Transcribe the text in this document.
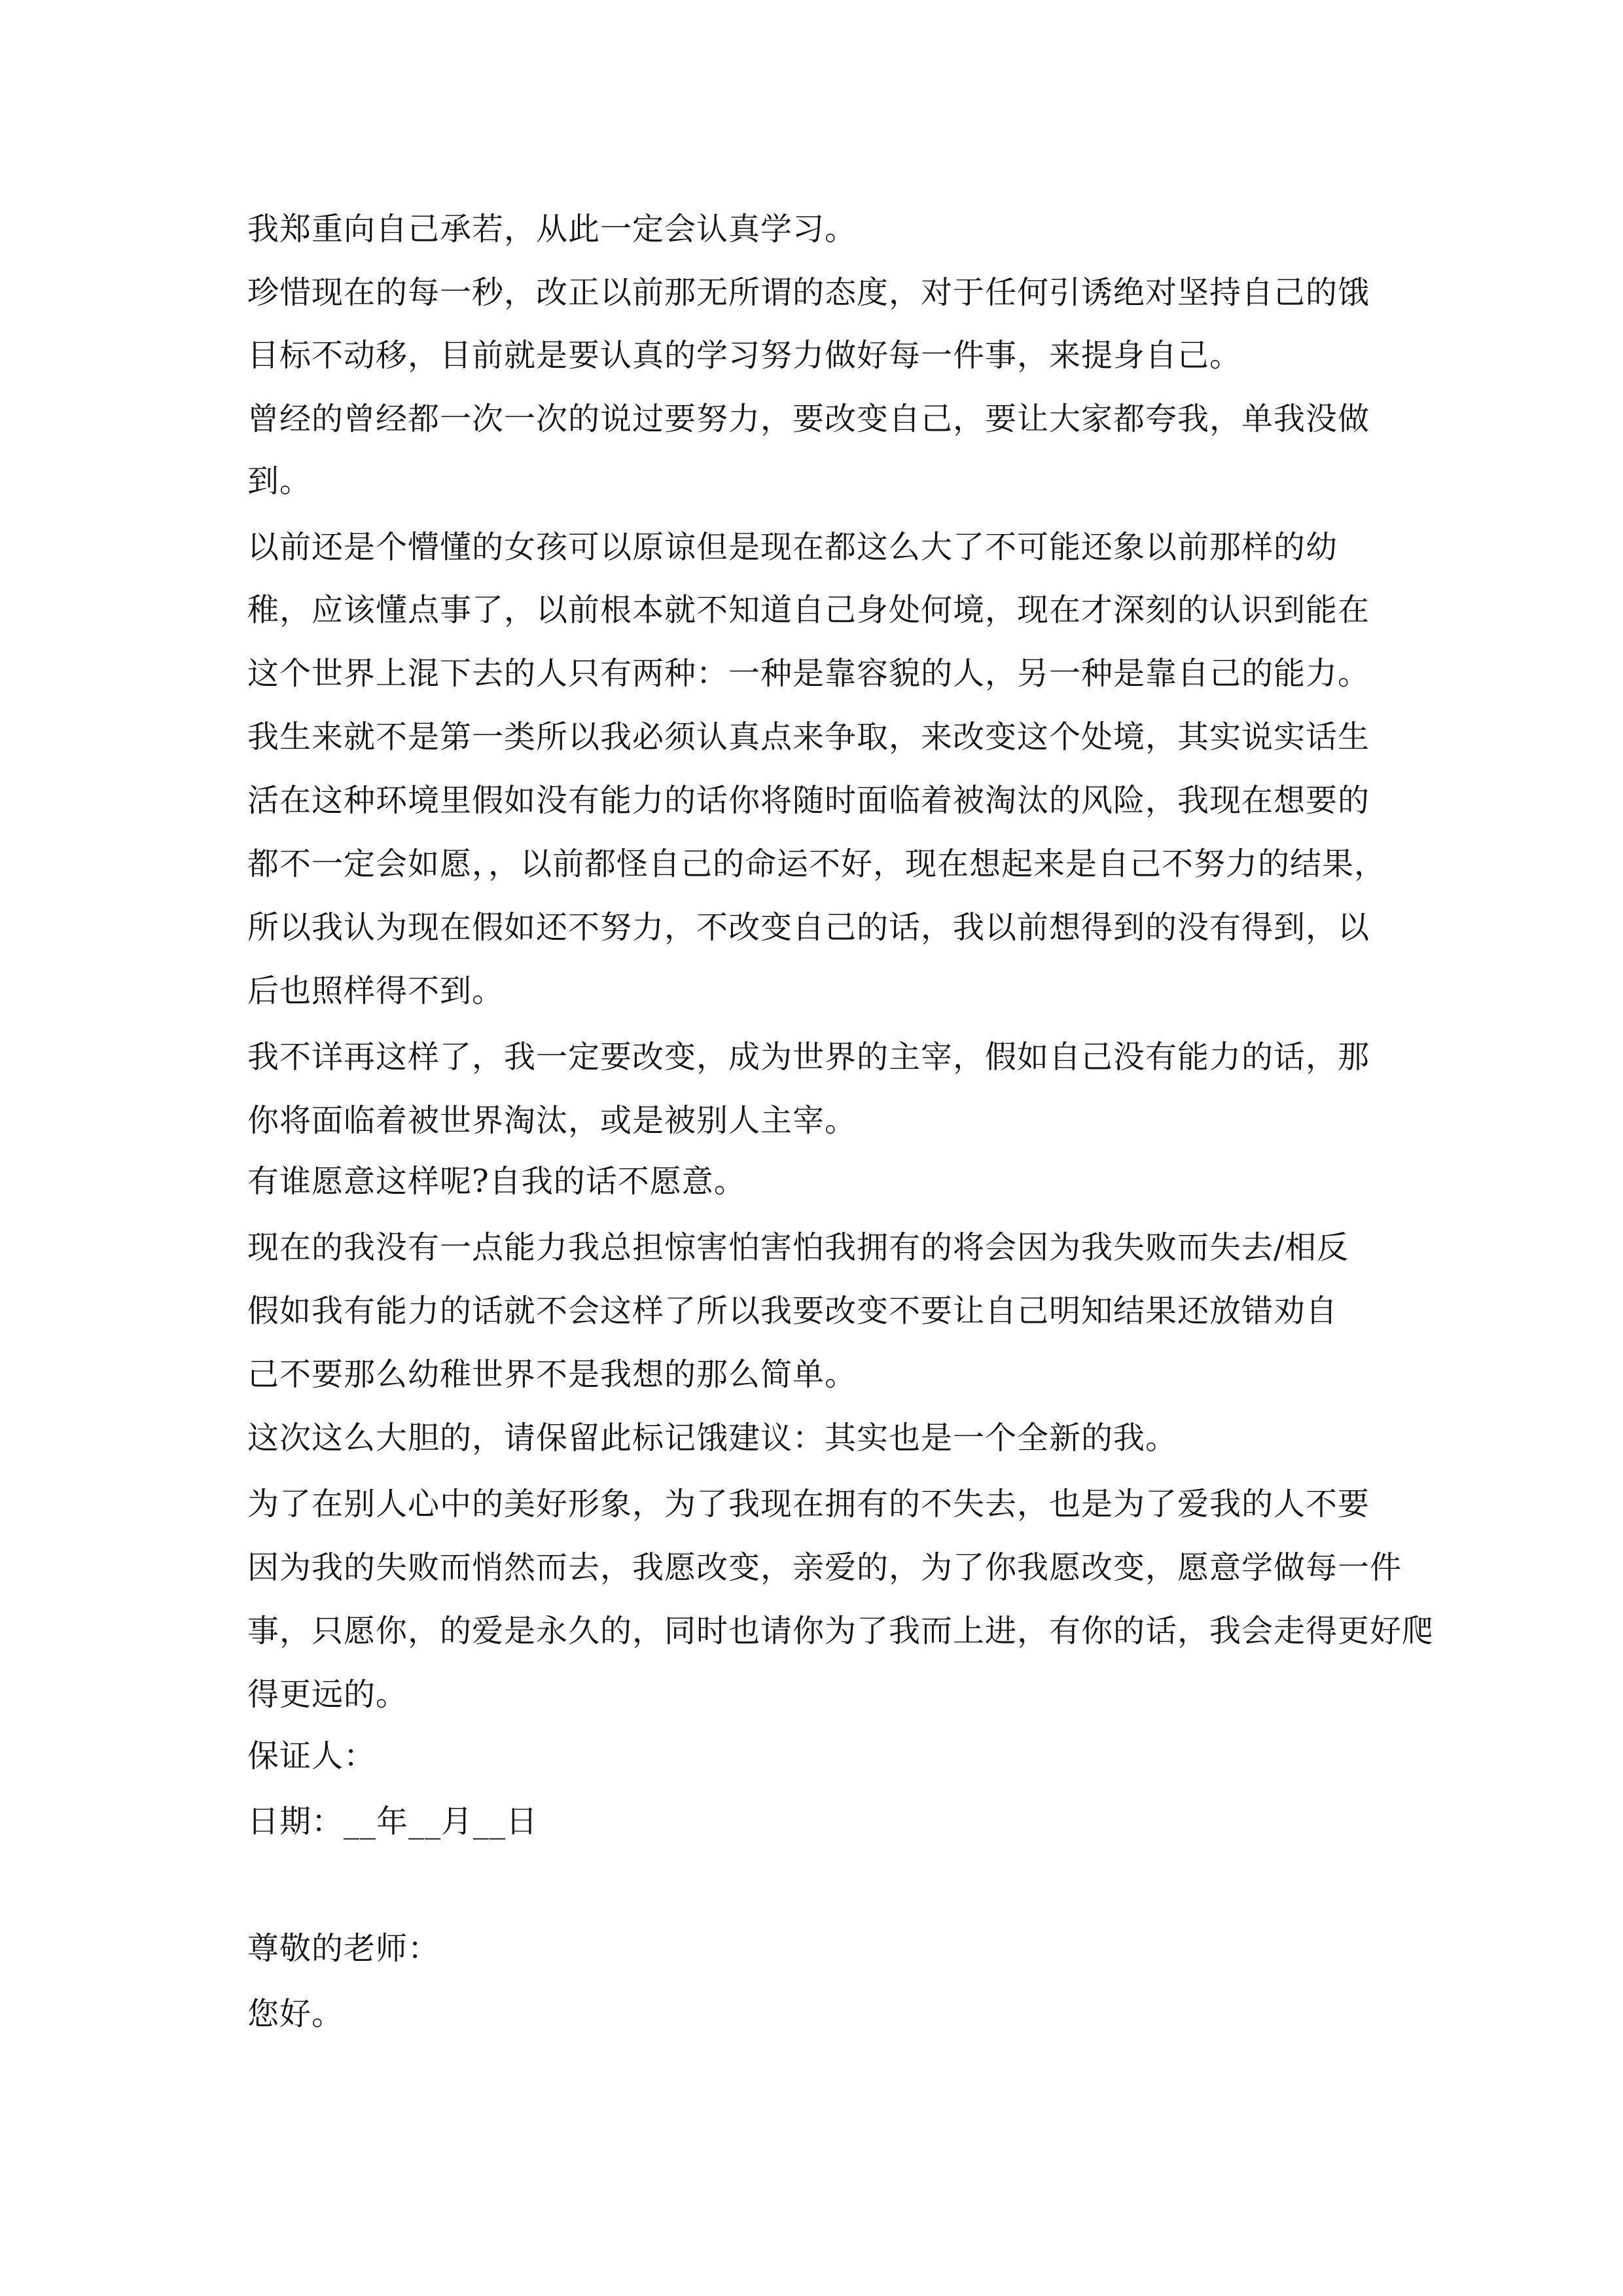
我郑重向自己承若，从此一定会认真学习。

珍惜现在的每一秒，改正以前那无所谓的态度，对于任何引诱绝对坚持自己的饿

目标不动移，目前就是要认真的学习努力做好每一件事，来提身自己。

曾经的曾经都一次一次的说过要努力，要改变自己，要让大家都夸我，单我没做

到。

以前还是个懵懂的女孩可以原谅但是现在都这么大了不可能还象以前那样的幼

稚，应该懂点事了，以前根本就不知道自己身处何境，现在才深刻的认识到能在

这个世界上混下去的人只有两种：一种是靠容貌的人，另一种是靠自己的能力。

我生来就不是第一类所以我必须认真点来争取，来改变这个处境，其实说实话生

活在这种环境里假如没有能力的话你将随时面临着被淘汰的风险，我现在想要的

都不一定会如愿，，以前都怪自己的命运不好，现在想起来是自己不努力的结果，

所以我认为现在假如还不努力，不改变自己的话，我以前想得到的没有得到，以

后也照样得不到。

我不详再这样了，我一定要改变，成为世界的主宰，假如自己没有能力的话，那

你将面临着被世界淘汰，或是被别人主宰。

有谁愿意这样呢?自我的话不愿意。

现在的我没有一点能力我总担惊害怕害怕我拥有的将会因为我失败而失去/相反

假如我有能力的话就不会这样了所以我要改变不要让自己明知结果还放错劝自

己不要那么幼稚世界不是我想的那么简单。

这次这么大胆的，请保留此标记饿建议：其实也是一个全新的我。

为了在别人心中的美好形象，为了我现在拥有的不失去，也是为了爱我的人不要

因为我的失败而悄然而去，我愿改变，亲爱的，为了你我愿改变，愿意学做每一件

事，只愿你，的爱是永久的，同时也请你为了我而上进，有你的话，我会走得更好爬

得更远的。

保证人：

日期：__年__月__日

尊敬的老师：

您好。
